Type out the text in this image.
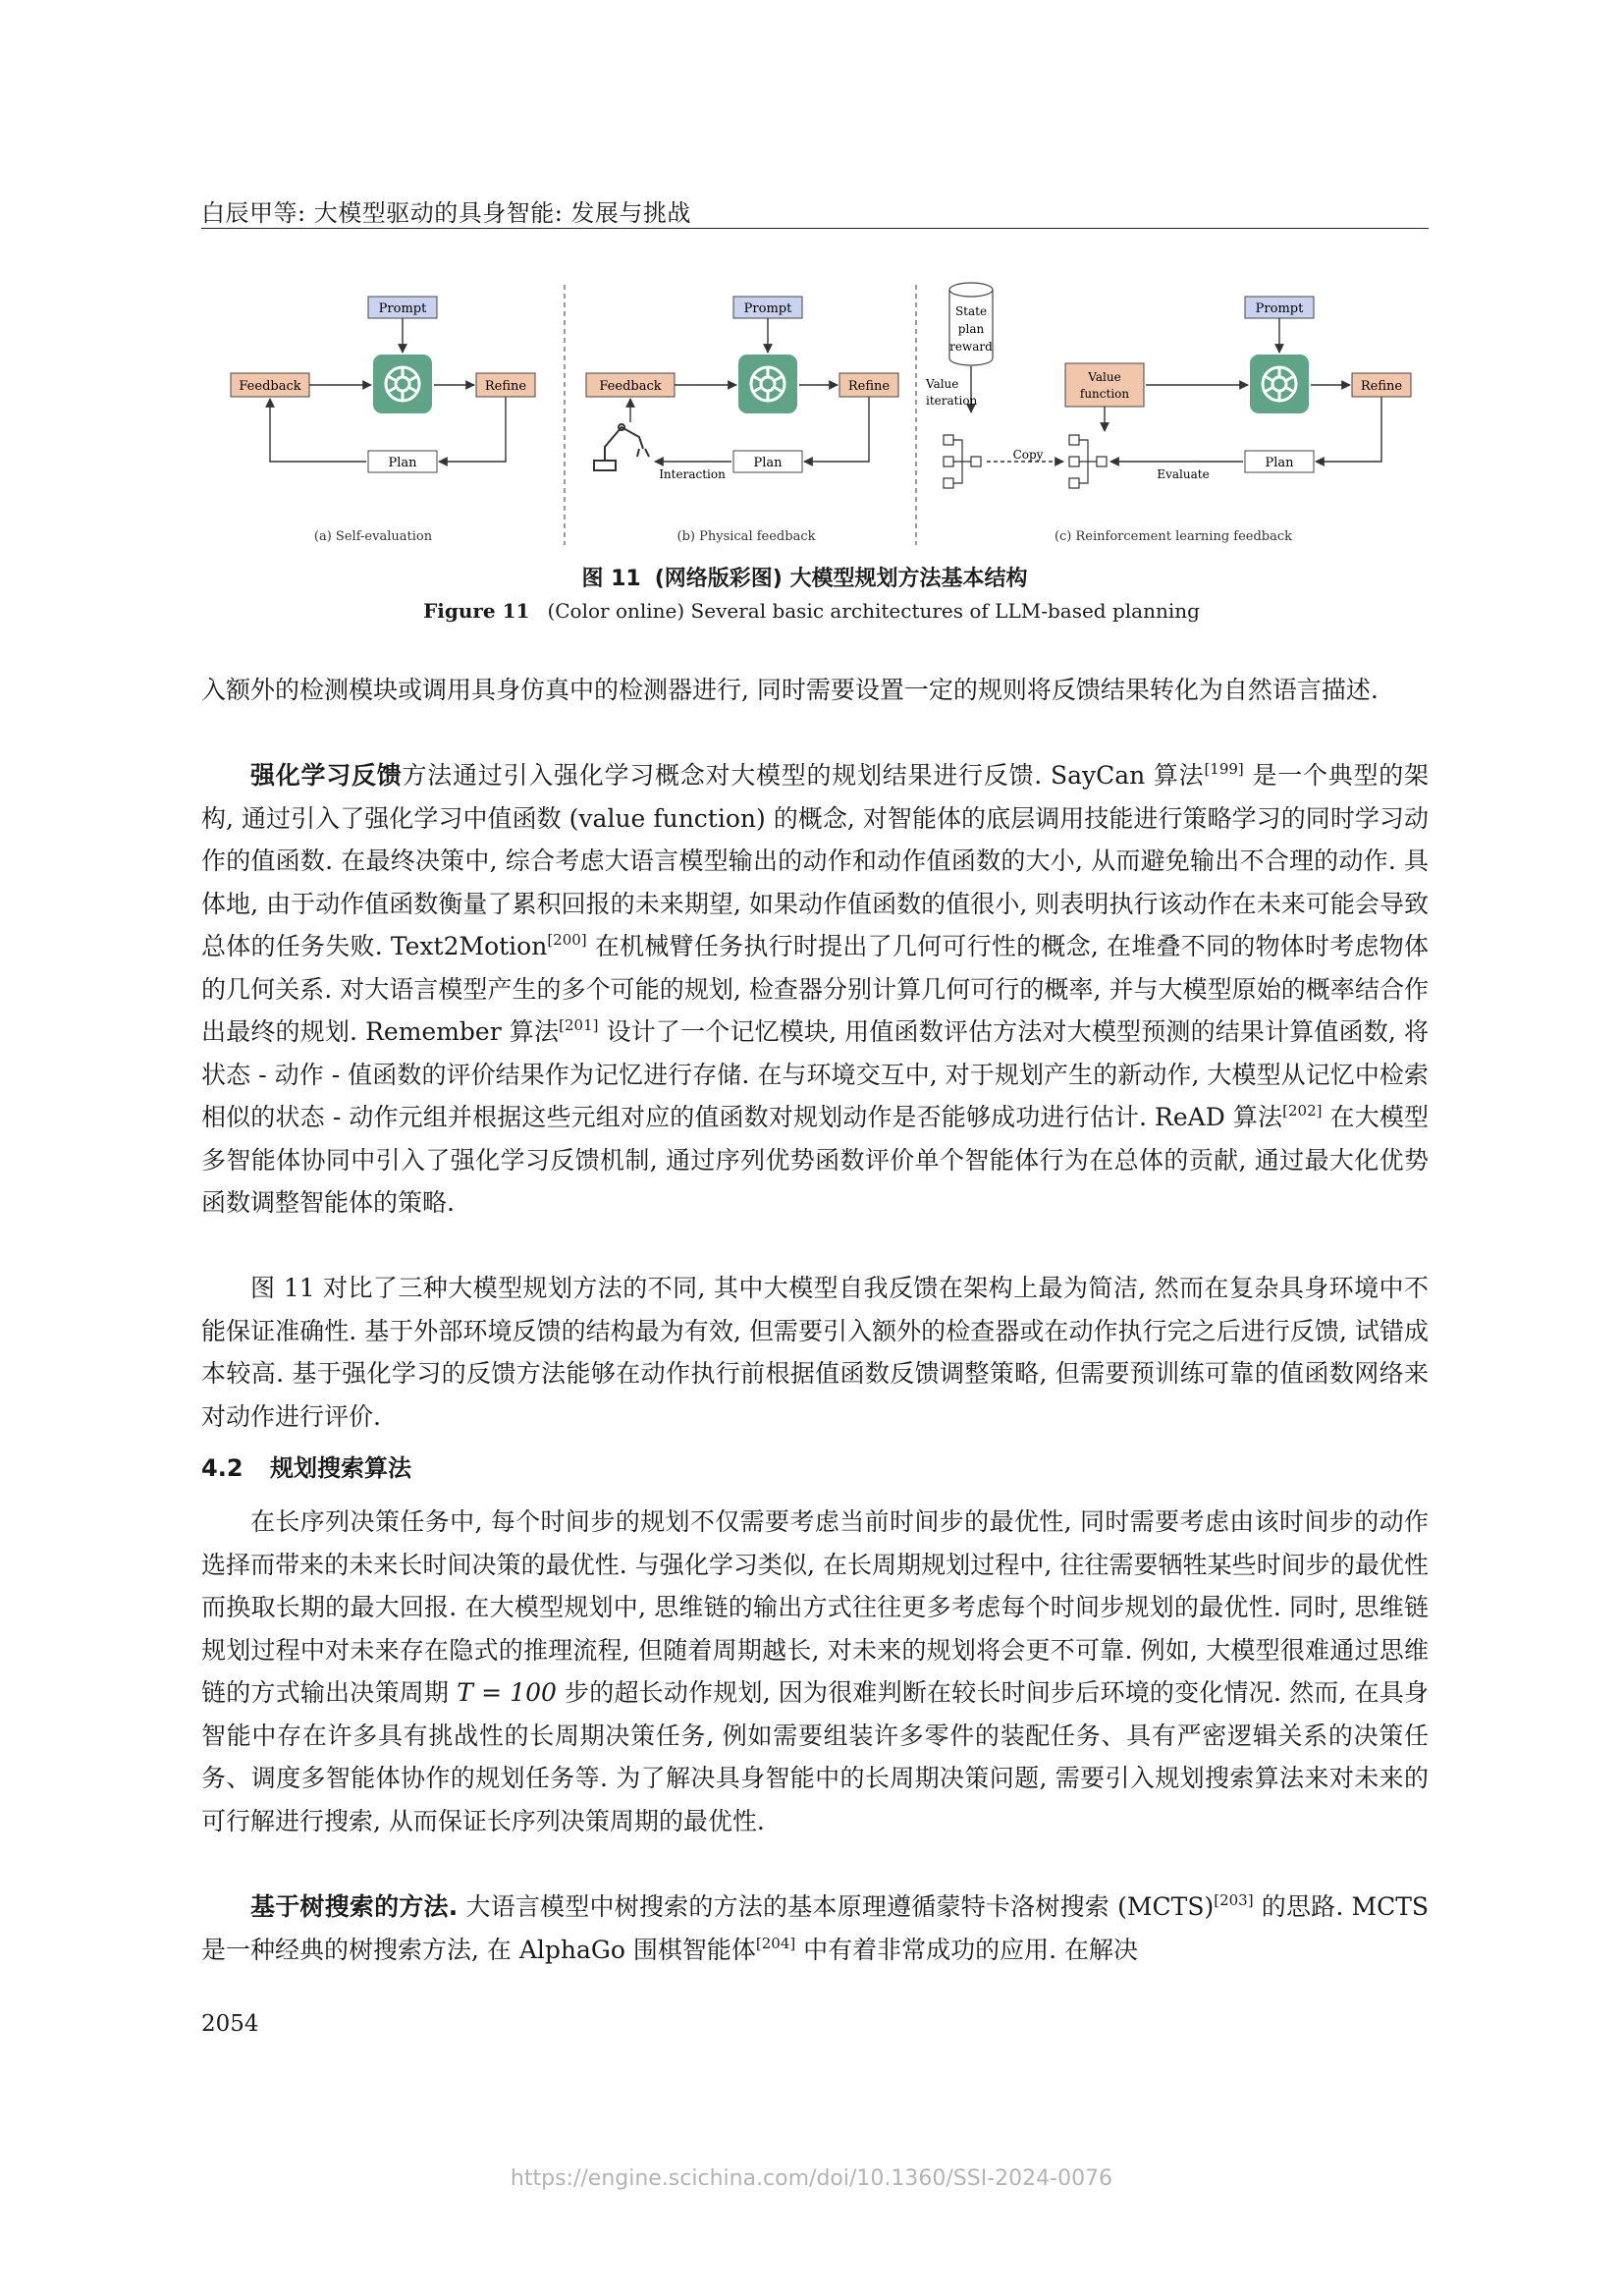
白辰甲等: 大模型驱动的具身智能: 发展与挑战
Prompt
Feedback	Refine
Plan
(a) Self-evaluation
Prompt
Feedback	Refine
Plan
Interaction
(b) Physical feedback
State
plan
reward
Value
iteration
Copy
Value
function
Prompt
Refine
Plan
Evaluate
(c) Reinforcement learning feedback
图 11 (网络版彩图) 大模型规划方法基本结构
Figure 11 (Color online) Several basic architectures of LLM-based planning

入额外的检测模块或调用具身仿真中的检测器进行, 同时需要设置一定的规则将反馈结果转化为自然语言描述.

强化学习反馈方法通过引入强化学习概念对大模型的规划结果进行反馈. SayCan 算法[199] 是一个典型的架构, 通过引入了强化学习中值函数 (value function) 的概念, 对智能体的底层调用技能进行策略学习的同时学习动作的值函数. 在最终决策中, 综合考虑大语言模型输出的动作和动作值函数的大小, 从而避免输出不合理的动作. 具体地, 由于动作值函数衡量了累积回报的未来期望, 如果动作值函数的值很小, 则表明执行该动作在未来可能会导致总体的任务失败. Text2Motion[200] 在机械臂任务执行时提出了几何可行性的概念, 在堆叠不同的物体时考虑物体的几何关系. 对大语言模型产生的多个可能的规划, 检查器分别计算几何可行的概率, 并与大模型原始的概率结合作出最终的规划. Remember 算法[201] 设计了一个记忆模块, 用值函数评估方法对大模型预测的结果计算值函数, 将状态 - 动作 - 值函数的评价结果作为记忆进行存储. 在与环境交互中, 对于规划产生的新动作, 大模型从记忆中检索相似的状态 - 动作元组并根据这些元组对应的值函数对规划动作是否能够成功进行估计. ReAD 算法[202] 在大模型多智能体协同中引入了强化学习反馈机制, 通过序列优势函数评价单个智能体行为在总体的贡献, 通过最大化优势函数调整智能体的策略.

图 11 对比了三种大模型规划方法的不同, 其中大模型自我反馈在架构上最为简洁, 然而在复杂具身环境中不能保证准确性. 基于外部环境反馈的结构最为有效, 但需要引入额外的检查器或在动作执行完之后进行反馈, 试错成本较高. 基于强化学习的反馈方法能够在动作执行前根据值函数反馈调整策略, 但需要预训练可靠的值函数网络来对动作进行评价.

4.2 规划搜索算法

在长序列决策任务中, 每个时间步的规划不仅需要考虑当前时间步的最优性, 同时需要考虑由该时间步的动作选择而带来的未来长时间决策的最优性. 与强化学习类似, 在长周期规划过程中, 往往需要牺牲某些时间步的最优性而换取长期的最大回报. 在大模型规划中, 思维链的输出方式往往更多考虑每个时间步规划的最优性. 同时, 思维链规划过程中对未来存在隐式的推理流程, 但随着周期越长, 对未来的规划将会更不可靠. 例如, 大模型很难通过思维链的方式输出决策周期 T = 100 步的超长动作规划, 因为很难判断在较长时间步后环境的变化情况. 然而, 在具身智能中存在许多具有挑战性的长周期决策任务, 例如需要组装许多零件的装配任务、具有严密逻辑关系的决策任务、调度多智能体协作的规划任务等. 为了解决具身智能中的长周期决策问题, 需要引入规划搜索算法来对未来的可行解进行搜索, 从而保证长序列决策周期的最优性.

基于树搜索的方法. 大语言模型中树搜索的方法的基本原理遵循蒙特卡洛树搜索 (MCTS)[203] 的思路. MCTS 是一种经典的树搜索方法, 在 AlphaGo 围棋智能体[204] 中有着非常成功的应用. 在解决

2054
https://engine.scichina.com/doi/10.1360/SSI-2024-0076
